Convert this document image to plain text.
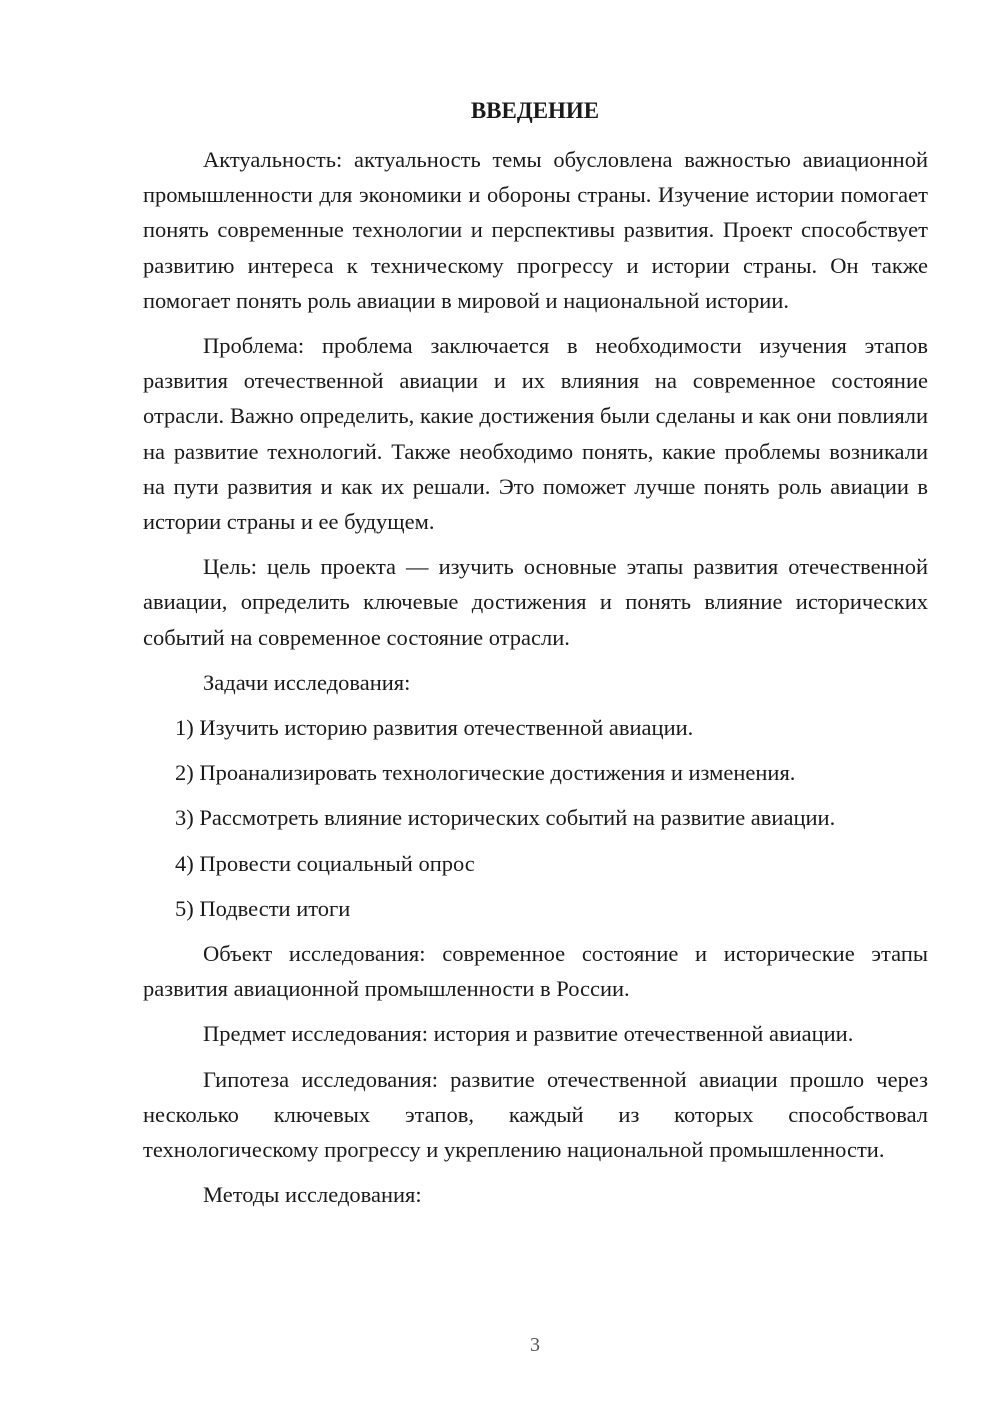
ВВЕДЕНИЕ

Актуальность: актуальность темы обусловлена важностью авиационной промышленности для экономики и обороны страны. Изучение истории помогает понять современные технологии и перспективы развития. Проект способствует развитию интереса к техническому прогрессу и истории страны. Он также помогает понять роль авиации в мировой и национальной истории.

Проблема: проблема заключается в необходимости изучения этапов развития отечественной авиации и их влияния на современное состояние отрасли. Важно определить, какие достижения были сделаны и как они повлияли на развитие технологий. Также необходимо понять, какие проблемы возникали на пути развития и как их решали. Это поможет лучше понять роль авиации в истории страны и ее будущем.

Цель: цель проекта — изучить основные этапы развития отечественной авиации, определить ключевые достижения и понять влияние исторических событий на современное состояние отрасли.

Задачи исследования:

1) Изучить историю развития отечественной авиации.

2) Проанализировать технологические достижения и изменения.

3) Рассмотреть влияние исторических событий на развитие авиации.

4) Провести социальный опрос

5) Подвести итоги

Объект исследования: современное состояние и исторические этапы развития авиационной промышленности в России.

Предмет исследования: история и развитие отечественной авиации.

Гипотеза исследования: развитие отечественной авиации прошло через несколько ключевых этапов, каждый из которых способствовал технологическому прогрессу и укреплению национальной промышленности.

Методы исследования:

3
